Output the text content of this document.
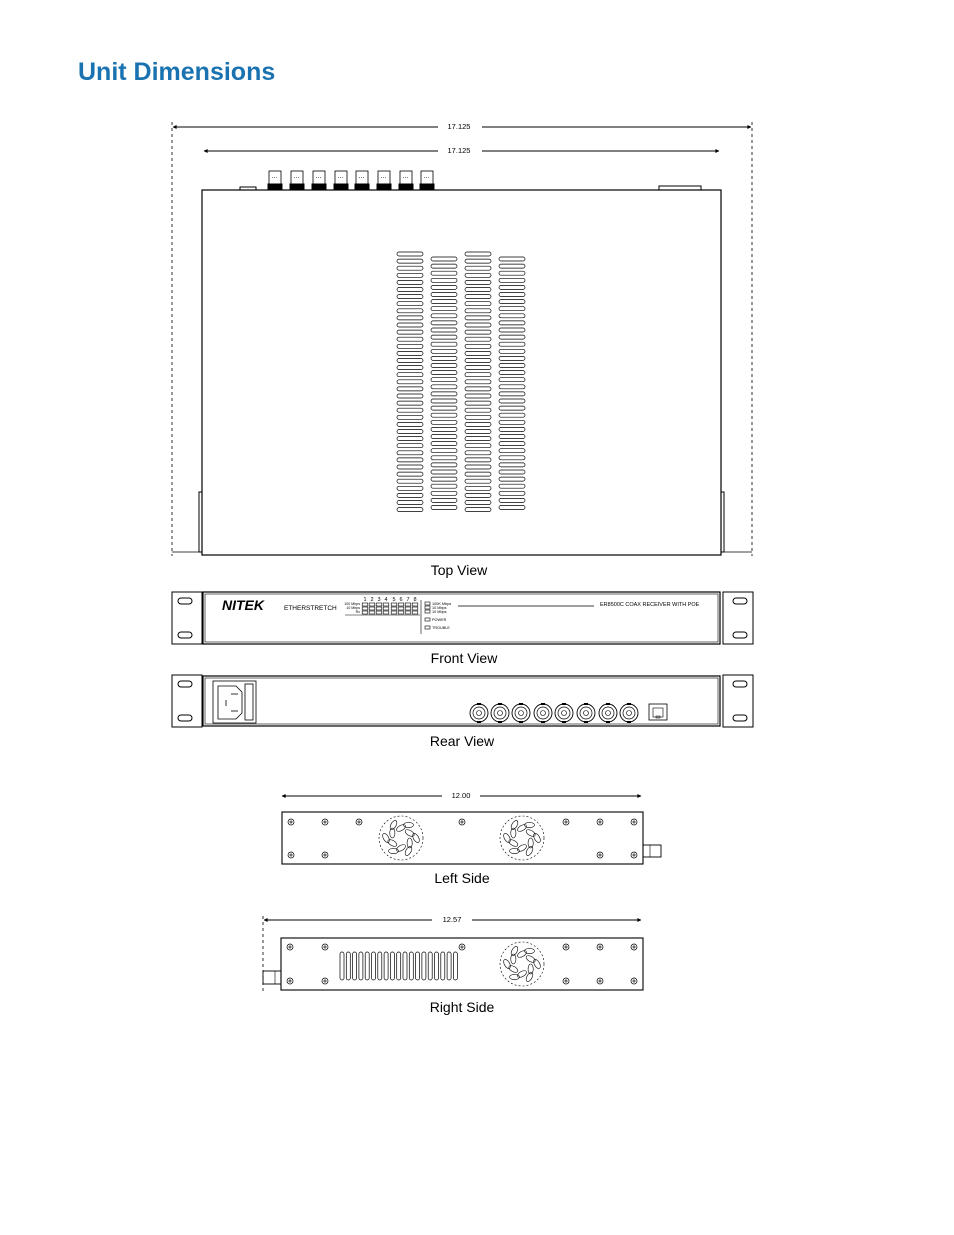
Unit Dimensions
17.125
17.125
Top View
NITEK	ETHERSTRETCH
1 2 3 4 5 6 7 8
100 Mbps
10 Mbps
Rx
100K Mbps
10 Mbps
10 Mbps
POWER
TROUBLE
ER8500C COAX RECEIVER WITH POE
Front View
Rear View
12.00
Left Side
12.57
Right Side
